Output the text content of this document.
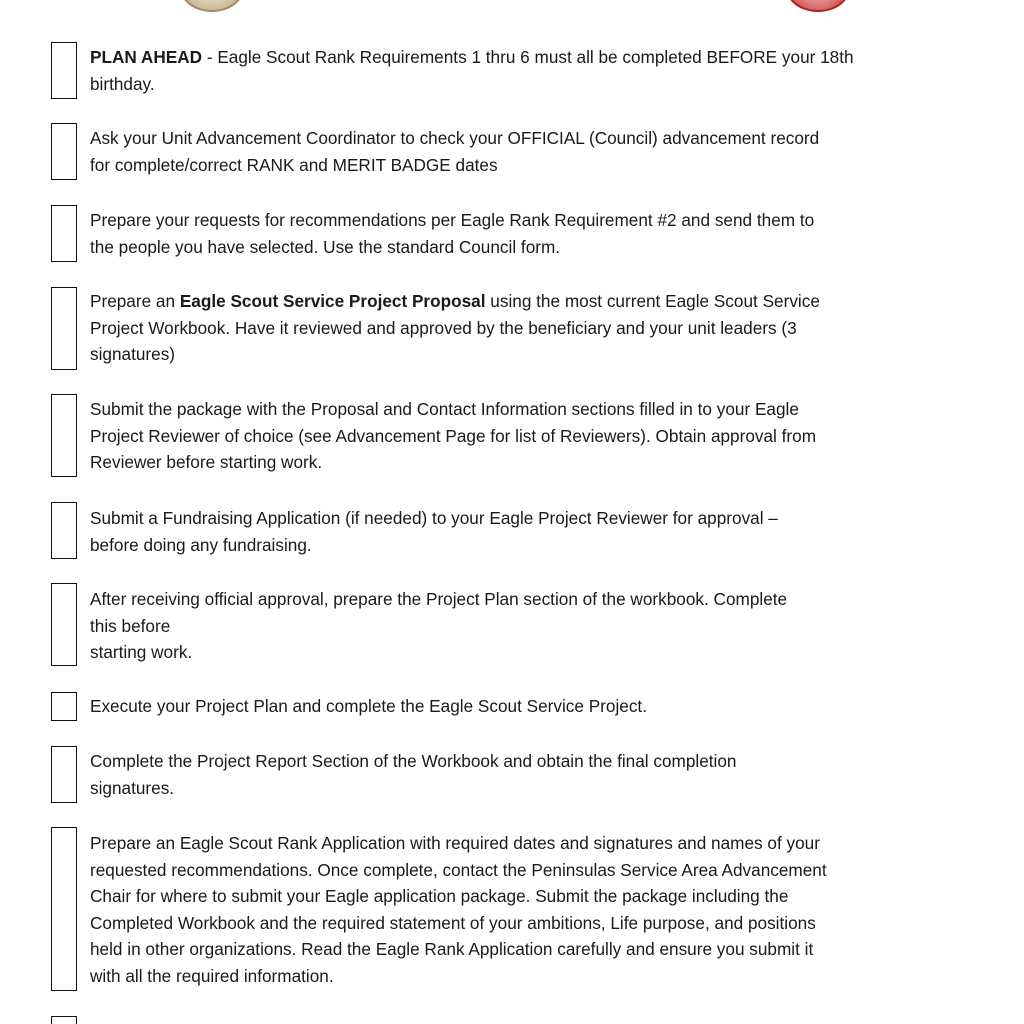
PLAN AHEAD - Eagle Scout Rank Requirements 1 thru 6 must all be completed BEFORE your 18th
birthday.
Ask your Unit Advancement Coordinator to check your OFFICIAL (Council) advancement record
for complete/correct RANK and MERIT BADGE dates
Prepare your requests for recommendations per Eagle Rank Requirement #2 and send them to
the people you have selected. Use the standard Council form.
Prepare an Eagle Scout Service Project Proposal using the most current Eagle Scout Service
Project Workbook. Have it reviewed and approved by the beneficiary and your unit leaders (3
signatures)
Submit the package with the Proposal and Contact Information sections filled in to your Eagle
Project Reviewer of choice (see Advancement Page for list of Reviewers). Obtain approval from
Reviewer before starting work.
Submit a Fundraising Application (if needed) to your Eagle Project Reviewer for approval –
before doing any fundraising.
After receiving official approval, prepare the Project Plan section of the workbook. Complete
this before
starting work.
Execute your Project Plan and complete the Eagle Scout Service Project.
Complete the Project Report Section of the Workbook and obtain the final completion
signatures.
Prepare an Eagle Scout Rank Application with required dates and signatures and names of your
requested recommendations. Once complete, contact the Peninsulas Service Area Advancement
Chair for where to submit your Eagle application package. Submit the package including the
Completed Workbook and the required statement of your ambitions, Life purpose, and positions
held in other organizations. Read the Eagle Rank Application carefully and ensure you submit it
with all the required information.
